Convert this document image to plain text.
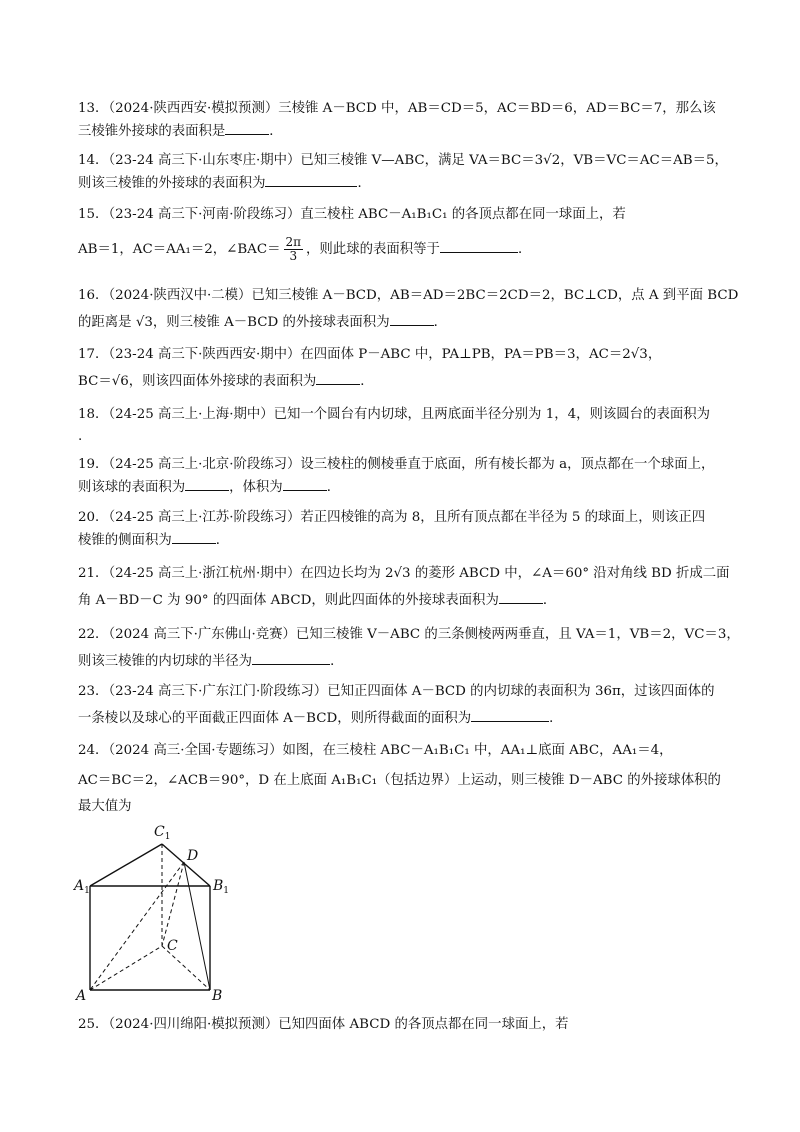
13．（2024·陕西西安·模拟预测）三棱锥 A－BCD 中，AB＝CD＝5，AC＝BD＝6，AD＝BC＝7，那么该

三棱锥外接球的表面积是	．

14．（23-24 高三下·山东枣庄·期中）已知三棱锥 V—ABC，满足 VA＝BC＝3√2，VB＝VC＝AC＝AB＝5，

则该三棱锥的外接球的表面积为	．

15．（23-24 高三下·河南·阶段练习）直三棱柱 ABC－A₁B₁C₁ 的各顶点都在同一球面上，若

AB＝1，AC＝AA₁＝2，∠BAC＝ $\frac{2\pi}{3}$ ，则此球的表面积等于	．

16．（2024·陕西汉中·二模）已知三棱锥 A－BCD，AB＝AD＝2BC＝2CD＝2，BC⊥CD，点 A 到平面 BCD

的距离是 √3，则三棱锥 A－BCD 的外接球表面积为	．

17．（23-24 高三下·陕西西安·期中）在四面体 P－ABC 中，PA⊥PB，PA＝PB＝3，AC＝2√3，

BC＝√6，则该四面体外接球的表面积为	．

18．（24-25 高三上·上海·期中）已知一个圆台有内切球，且两底面半径分别为 1，4，则该圆台的表面积为

.

19．（24-25 高三上·北京·阶段练习）设三棱柱的侧棱垂直于底面，所有棱长都为 a，顶点都在一个球面上，

则该球的表面积为	，体积为	．

20．（24-25 高三上·江苏·阶段练习）若正四棱锥的高为 8，且所有顶点都在半径为 5 的球面上，则该正四

棱锥的侧面积为	．

21．（24-25 高三上·浙江杭州·期中）在四边长均为 2√3 的菱形 ABCD 中，∠A＝60° 沿对角线 BD 折成二面

角 A－BD－C 为 90° 的四面体 ABCD，则此四面体的外接球表面积为	．

22．（2024 高三下·广东佛山·竞赛）已知三棱锥 V－ABC 的三条侧棱两两垂直，且 VA＝1，VB＝2，VC＝3，

则该三棱锥的内切球的半径为	．

23．（23-24 高三下·广东江门·阶段练习）已知正四面体 A－BCD 的内切球的表面积为 36π，过该四面体的

一条棱以及球心的平面截正四面体 A－BCD，则所得截面的面积为	．

24．（2024 高三·全国·专题练习）如图，在三棱柱 ABC－A₁B₁C₁ 中，AA₁⊥底面 ABC，AA₁＝4，

AC＝BC＝2，∠ACB＝90°，D 在上底面 A₁B₁C₁（包括边界）上运动，则三棱锥 D－ABC 的外接球体积的

最大值为

$C_1$
D
$A_1$	$B_1$
C
A	B

25．（2024·四川绵阳·模拟预测）已知四面体 ABCD 的各顶点都在同一球面上，若
